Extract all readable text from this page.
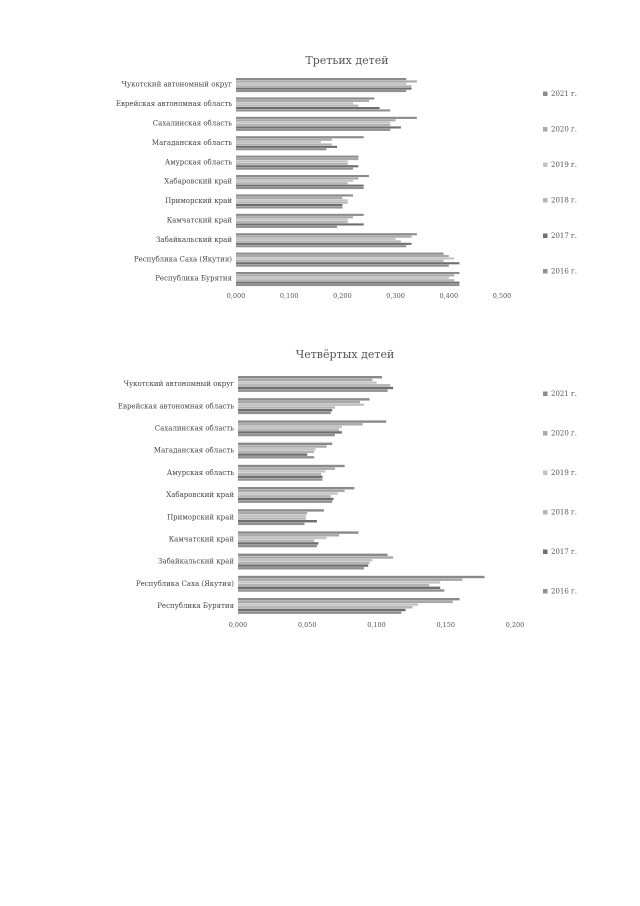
Третьих детей
Республика Бурятия
Республика Саха (Якутия)
Забайкальский край
Камчатский край
Приморский край
Хабаровский край
Амурская область
Магаданская область
Сахалинская область
Еврейская автономная область
Чукотский автономный округ
0,000	0,100	0,200	0,300	0,400	0,500
2021 г.
2020 г.
2019 г.
2018 г.
2017 г.
2016 г.
Четвёртых детей
Республика Бурятия
Республика Саха (Якутия)
Забайкальский край
Камчатский край
Приморский край
Хабаровский край
Амурская область
Магаданская область
Сахалинская область
Еврейская автономная область
Чукотский автономный округ
0,000	0,050	0,100	0,150	0,200
2021 г.
2020 г.
2019 г.
2018 г.
2017 г.
2016 г.
